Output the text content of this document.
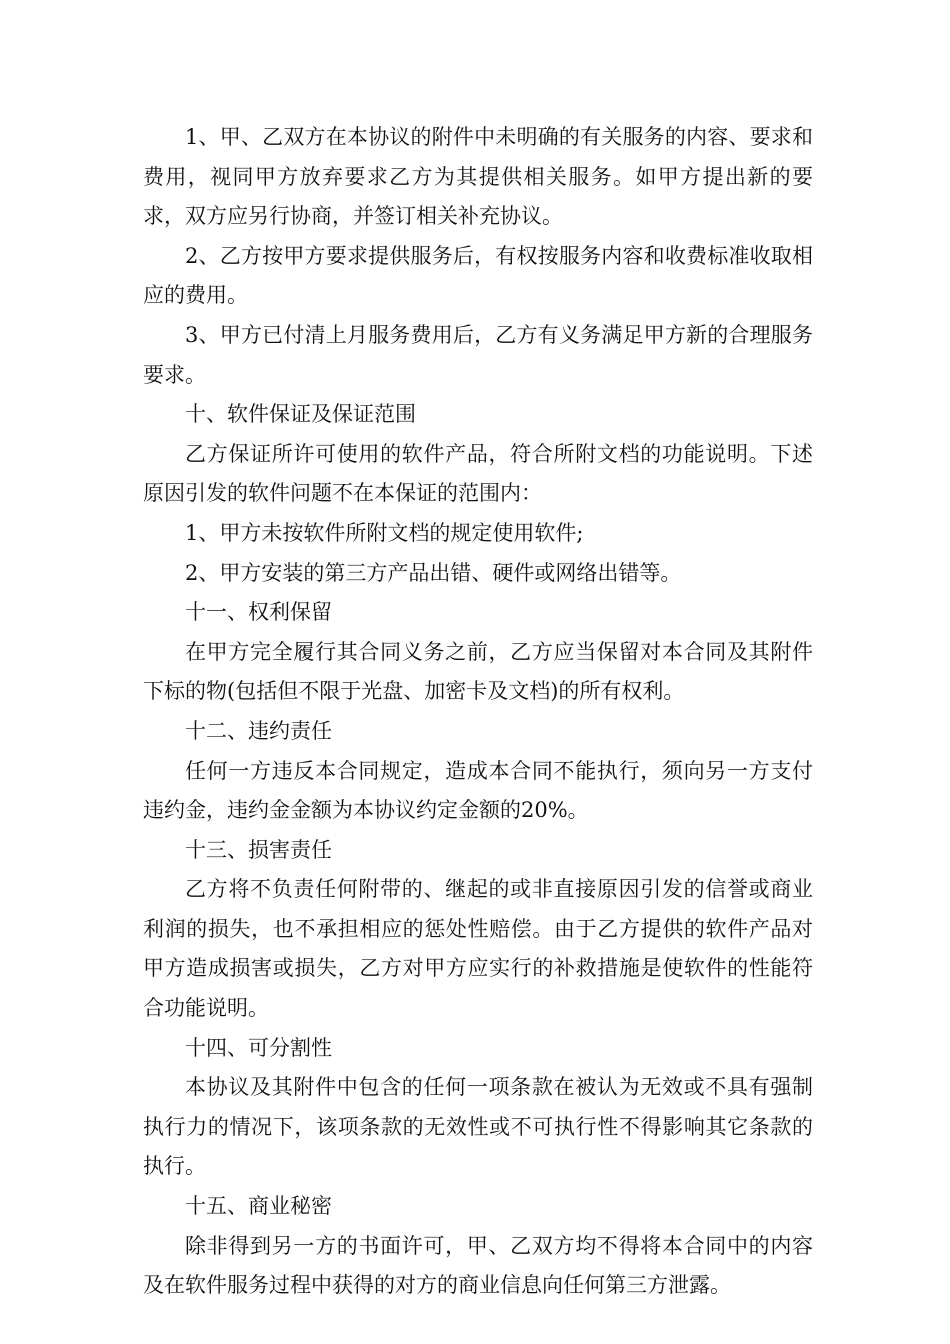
1、甲、乙双方在本协议的附件中未明确的有关服务的内容、要求和费用，视同甲方放弃要求乙方为其提供相关服务。如甲方提出新的要求，双方应另行协商，并签订相关补充协议。

2、乙方按甲方要求提供服务后，有权按服务内容和收费标准收取相应的费用。

3、甲方已付清上月服务费用后，乙方有义务满足甲方新的合理服务要求。

十、软件保证及保证范围

乙方保证所许可使用的软件产品，符合所附文档的功能说明。下述原因引发的软件问题不在本保证的范围内：

1、甲方未按软件所附文档的规定使用软件;

2、甲方安装的第三方产品出错、硬件或网络出错等。

十一、权利保留

在甲方完全履行其合同义务之前，乙方应当保留对本合同及其附件下标的物(包括但不限于光盘、加密卡及文档)的所有权利。

十二、违约责任

任何一方违反本合同规定，造成本合同不能执行，须向另一方支付违约金，违约金金额为本协议约定金额的20%。

十三、损害责任

乙方将不负责任何附带的、继起的或非直接原因引发的信誉或商业利润的损失，也不承担相应的惩处性赔偿。由于乙方提供的软件产品对甲方造成损害或损失，乙方对甲方应实行的补救措施是使软件的性能符合功能说明。

十四、可分割性

本协议及其附件中包含的任何一项条款在被认为无效或不具有强制执行力的情况下，该项条款的无效性或不可执行性不得影响其它条款的执行。

十五、商业秘密

除非得到另一方的书面许可，甲、乙双方均不得将本合同中的内容及在软件服务过程中获得的对方的商业信息向任何第三方泄露。
